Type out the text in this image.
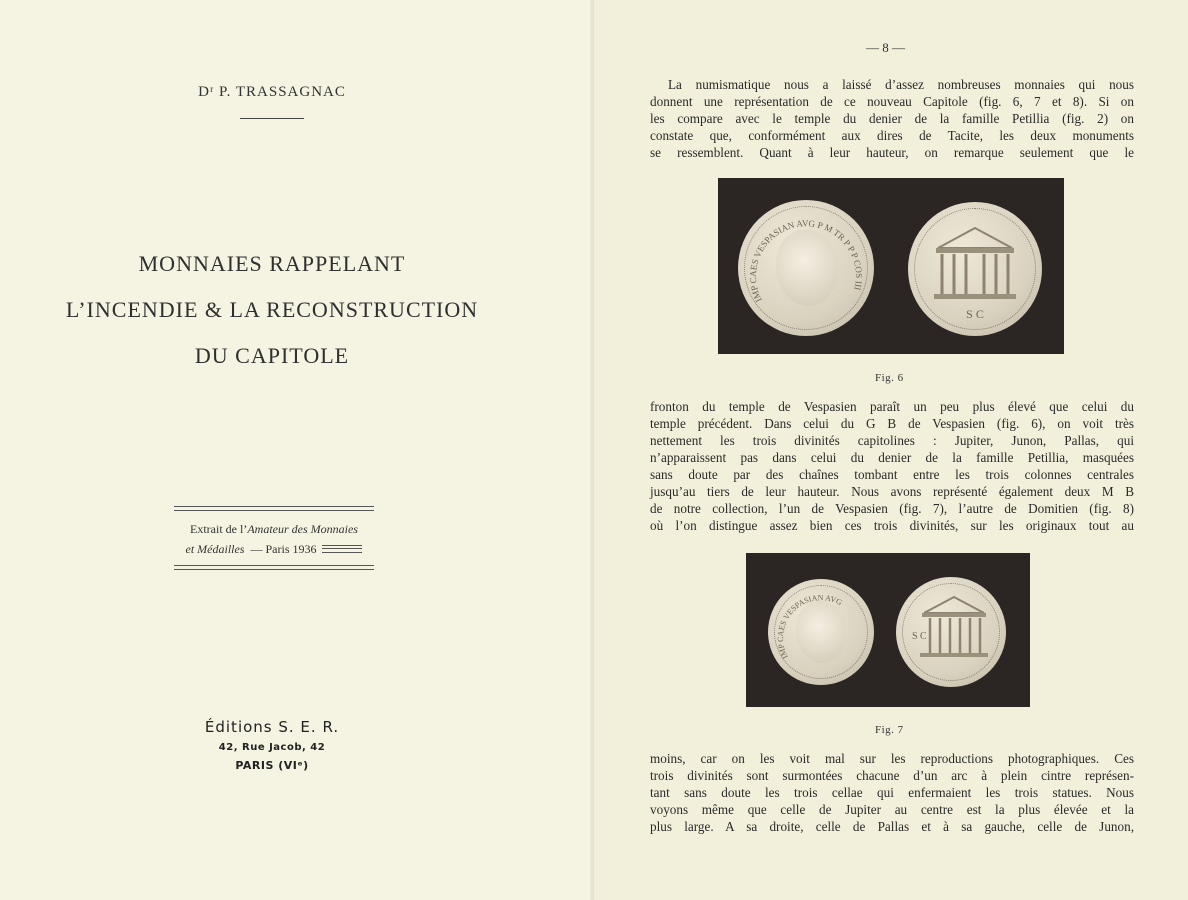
Dʳ P. TRASSAGNAC
MONNAIES RAPPELANT
L’INCENDIE & LA RECONSTRUCTION
DU CAPITOLE
Extrait de l’Amateur des Monnaies
et Médailles — Paris 1936
Éditions S. E. R.
42, Rue Jacob, 42
PARIS (VIᵉ)
— 8 —
La numismatique nous a laissé d’assez nombreuses monnaies qui nous
donnent une représentation de ce nouveau Capitole (fig. 6, 7 et 8). Si on
les compare avec le temple du denier de la famille Petillia (fig. 2) on
constate que, conformément aux dires de Tacite, les deux monuments
se ressemblent. Quant à leur hauteur, on remarque seulement que le
IMP CAES VESPASIAN AVG P M TR P P P COS III
S C
Fig. 6
fronton du temple de Vespasien paraît un peu plus élevé que celui du
temple précédent. Dans celui du G B de Vespasien (fig. 6), on voit très
nettement les trois divinités capitolines : Jupiter, Junon, Pallas, qui
n’apparaissent pas dans celui du denier de la famille Petillia, masquées
sans doute par des chaînes tombant entre les trois colonnes centrales
jusqu’au tiers de leur hauteur. Nous avons représenté également deux M B
de notre collection, l’un de Vespasien (fig. 7), l’autre de Domitien (fig. 8)
où l’on distingue assez bien ces trois divinités, sur les originaux tout au
IMP CAES VESPASIAN AVG
S C
Fig. 7
moins, car on les voit mal sur les reproductions photographiques. Ces
trois divinités sont surmontées chacune d’un arc à plein cintre représen-
tant sans doute les trois cellae qui enfermaient les trois statues. Nous
voyons même que celle de Jupiter au centre est la plus élevée et la
plus large. A sa droite, celle de Pallas et à sa gauche, celle de Junon,
